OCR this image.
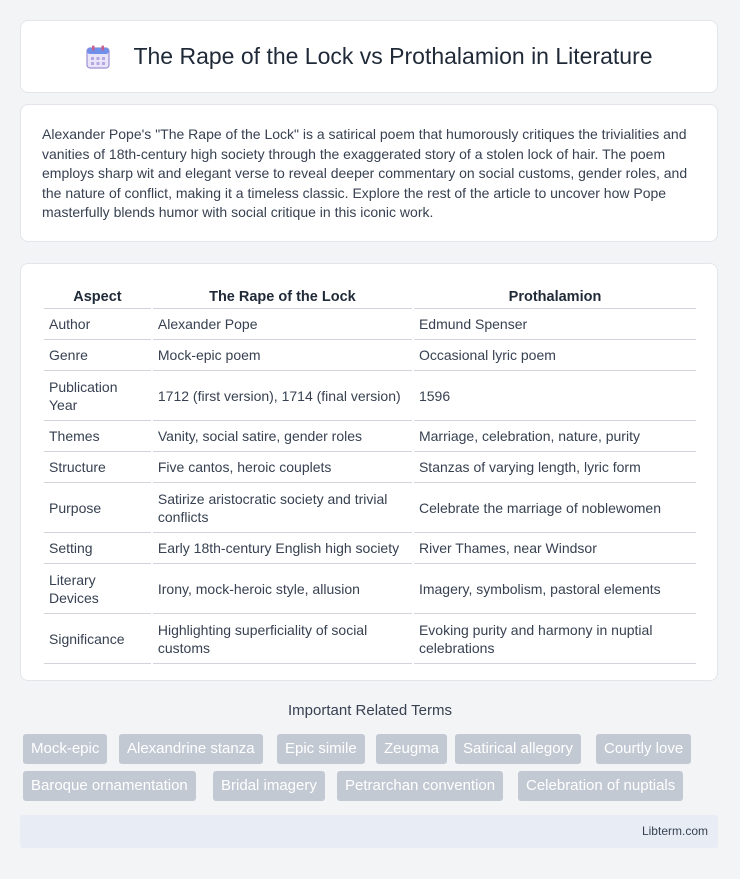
The Rape of the Lock vs Prothalamion in Literature

Alexander Pope's "The Rape of the Lock" is a satirical poem that humorously critiques the trivialities and vanities of 18th-century high society through the exaggerated story of a stolen lock of hair. The poem employs sharp wit and elegant verse to reveal deeper commentary on social customs, gender roles, and the nature of conflict, making it a timeless classic. Explore the rest of the article to uncover how Pope masterfully blends humor with social critique in this iconic work.

Aspect	The Rape of the Lock	Prothalamion
Author	Alexander Pope	Edmund Spenser
Genre	Mock-epic poem	Occasional lyric poem
Publication Year	1712 (first version), 1714 (final version)	1596
Themes	Vanity, social satire, gender roles	Marriage, celebration, nature, purity
Structure	Five cantos, heroic couplets	Stanzas of varying length, lyric form
Purpose	Satirize aristocratic society and trivial conflicts	Celebrate the marriage of noblewomen
Setting	Early 18th-century English high society	River Thames, near Windsor
Literary Devices	Irony, mock-heroic style, allusion	Imagery, symbolism, pastoral elements
Significance	Highlighting superficiality of social customs	Evoking purity and harmony in nuptial celebrations
Important Related Terms
Mock-epic	Alexandrine stanza	Epic simile	Zeugma	Satirical allegory	Courtly love
Baroque ornamentation	Bridal imagery	Petrarchan convention	Celebration of nuptials
Libterm.com
